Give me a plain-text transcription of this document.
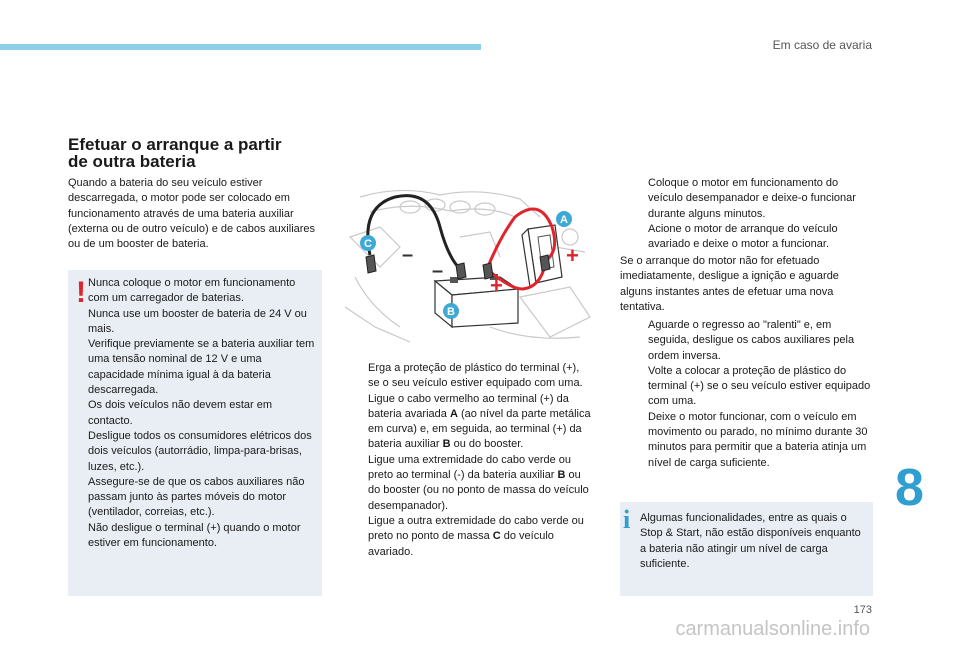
Em caso de avaria
Efetuar o arranque a partir
de outra bateria

Quando a bateria do seu veículo estiver descarregada, o motor pode ser colocado em funcionamento através de uma bateria auxiliar (externa ou de outro veículo) e de cabos auxiliares ou de um booster de bateria.

! Nunca coloque o motor em funcionamento com um carregador de baterias.

Nunca use um booster de bateria de 24 V ou mais.

Verifique previamente se a bateria auxiliar tem uma tensão nominal de 12 V e uma capacidade mínima igual à da bateria descarregada.

Os dois veículos não devem estar em contacto.

Desligue todos os consumidores elétricos dos dois veículos (autorrádio, limpa-para-brisas, luzes, etc.).

Assegure-se de que os cabos auxiliares não passam junto às partes móveis do motor (ventilador, correias, etc.).

Não desligue o terminal (+) quando o motor estiver em funcionamento.

–
–
+
+
A
B
C
Erga a proteção de plástico do terminal (+), se o seu veículo estiver equipado com uma.
Ligue o cabo vermelho ao terminal (+) da bateria avariada A (ao nível da parte metálica em curva) e, em seguida, ao terminal (+) da bateria auxiliar B ou do booster.
Ligue uma extremidade do cabo verde ou preto ao terminal (-) da bateria auxiliar B ou do booster (ou no ponto de massa do veículo desempanador).
Ligue a outra extremidade do cabo verde ou preto no ponto de massa C do veículo avariado.
Coloque o motor em funcionamento do veículo desempanador e deixe-o funcionar durante alguns minutos.
Acione o motor de arranque do veículo avariado e deixe o motor a funcionar.

Se o arranque do motor não for efetuado imediatamente, desligue a ignição e aguarde alguns instantes antes de efetuar uma nova tentativa.

Aguarde o regresso ao "ralenti" e, em seguida, desligue os cabos auxiliares pela ordem inversa.
Volte a colocar a proteção de plástico do terminal (+) se o seu veículo estiver equipado com uma.
Deixe o motor funcionar, com o veículo em movimento ou parado, no mínimo durante 30 minutos para permitir que a bateria atinja um nível de carga suficiente.
i Algumas funcionalidades, entre as quais o Stop & Start, não estão disponíveis enquanto a bateria não atingir um nível de carga suficiente.

8
173
carmanualsonline.info
